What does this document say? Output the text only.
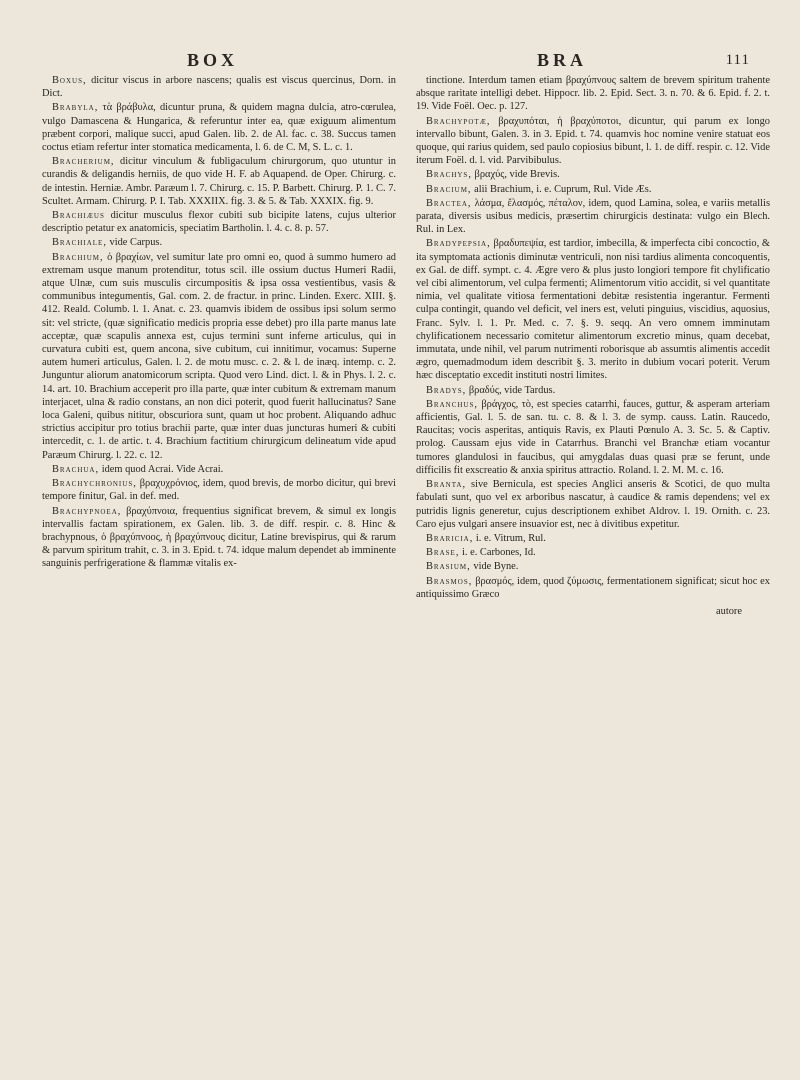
BOX	BRA	111

Boxus, dicitur viscus in arbore nascens; qualis est viscus quercinus, Dorn. in Dict.

Brabyla, τὰ βράβυλα, dicuntur pruna, & quidem magna dulcia, atro-cœrulea, vulgo Damascena & Hungarica, & referuntur inter ea, quæ exiguum alimentum præbent corpori, malique succi, apud Galen. lib. 2. de Al. fac. c. 38. Succus tamen coctus etiam refertur inter stomatica medicamenta, l. 6. de C. M, S. L. c. 1.

Bracherium, dicitur vinculum & fubligaculum chirurgorum, quo utuntur in curandis & deligandis herniis, de quo vide H. F. ab Aquapend. de Oper. Chirurg. c. de intestin. Herniæ. Ambr. Paræum l. 7. Chirurg. c. 15. P. Barbett. Chirurg. P. 1. C. 7. Scultet. Armam. Chirurg. P. I. Tab. XXXIIX. fig. 3. & 5. & Tab. XXXIX. fig. 9.

Brachiæus dicitur musculus flexor cubiti sub bicipite latens, cujus ulterior descriptio petatur ex anatomicis, speciatim Bartholin. l. 4. c. 8. p. 57.

Brachiale, vide Carpus.

Brachium, ὁ βραχίων, vel sumitur late pro omni eo, quod à summo humero ad extremam usque manum protenditur, totus scil. ille ossium ductus Humeri Radii, atque Ulnæ, cum suis musculis circumpositis & ipsa ossa vestientibus, vasis & communibus integumentis, Gal. com. 2. de fractur. in princ. Linden. Exerc. XIII. §. 412. Reald. Columb. l. 1. Anat. c. 23. quamvis ibidem de ossibus ipsi solum sermo sit: vel stricte, (quæ significatio medicis propria esse debet) pro illa parte manus late acceptæ, quæ scapulis annexa est, cujus termini sunt inferne articulus, qui in curvatura cubiti est, quem ancona, sive cubitum, cui innitimur, vocamus: Superne autem humeri articulus, Galen. l. 2. de motu musc. c. 2. & l. de inæq. intemp. c. 2. Junguntur aliorum anatomicorum scripta. Quod vero Lind. dict. l. & in Phys. l. 2. c. 14. art. 10. Brachium acceperit pro illa parte, quæ inter cubitum & extremam manum interjacet, ulna & radio constans, an non dici poterit, quod fuerit hallucinatus? Sane loca Galeni, quibus nititur, obscuriora sunt, quam ut hoc probent. Aliquando adhuc strictius accipitur pro totius brachii parte, quæ inter duas juncturas humeri & cubiti intercedit, c. 1. de artic. t. 4. Brachium factitium chirurgicum delineatum vide apud Paræum Chirurg. l. 22. c. 12.

Brachua, idem quod Acrai. Vide Acrai.

Brachychronius, βραχυχρόνιος, idem, quod brevis, de morbo dicitur, qui brevi tempore finitur, Gal. in def. med.

Brachypnoea, βραχύπνοια, frequentius significat brevem, & simul ex longis intervallis factam spirationem, ex Galen. lib. 3. de diff. respir. c. 8. Hinc & brachypnous, ὁ βραχύπνοος, ἡ βραχύπνους dicitur, Latine brevispirus, qui & rarum & parvum spiritum trahit, c. 3. in 3. Epid. t. 74. idque malum dependet ab imminente sanguinis perfrigeratione & flammæ vitalis ex-

tinctione. Interdum tamen etiam βραχύπνους saltem de brevem spiritum trahente absque raritate intelligi debet. Hippocr. lib. 2. Epid. Sect. 3. n. 70. & 6. Epid. f. 2. t. 19. Vide Foël. Oec. p. 127.

Brachypotæ, βραχυπόται, ἡ βραχύποτοι, dicuntur, qui parum ex longo intervallo bibunt, Galen. 3. in 3. Epid. t. 74. quamvis hoc nomine venire statuat eos quoque, qui rarius quidem, sed paulo copiosius bibunt, l. 1. de diff. respir. c. 12. Vide iterum Foël. d. l. vid. Parvibibulus.

Brachys, βραχύς, vide Brevis.

Bracium, alii Brachium, i. e. Cuprum, Rul. Vide Æs.

Bractea, λάσμα, ἔλασμός, πέταλον, idem, quod Lamina, solea, e variis metallis parata, diversis usibus medicis, præsertim chirurgicis destinata: vulgo ein Blech. Rul. in Lex.

Bradypepsia, βραδυπεψία, est tardior, imbecilla, & imperfecta cibi concoctio, & ita symptomata actionis diminutæ ventriculi, non nisi tardius alimenta concoquentis, ex Gal. de diff. sympt. c. 4. Ægre vero & plus justo longiori tempore fit chylificatio vel cibi alimentorum, vel culpa fermenti; Alimentorum vitio accidit, si vel quantitate nimia, vel qualitate vitiosa fermentationi debitæ resistentia ingerantur. Fermenti culpa contingit, quando vel deficit, vel iners est, veluti pinguius, viscidius, aquosius, Franc. Sylv. l. 1. Pr. Med. c. 7. §. 9. seqq. An vero omnem imminutam chylificationem necessario comitetur alimentorum excretio minus, quam decebat, immutata, unde nihil, vel parum nutrimenti roborisque ab assumtis alimentis accedit ægro, quemadmodum idem describit §. 3. merito in dubium vocari poterit. Verum hæc disceptatio excedit instituti nostri limites.

Bradys, βραδύς, vide Tardus.

Branchus, βράγχος, τὸ, est species catarrhi, fauces, guttur, & asperam arteriam afficientis, Gal. l. 5. de san. tu. c. 8. & l. 3. de symp. causs. Latin. Raucedo, Raucitas; vocis asperitas, antiquis Ravis, ex Plauti Pœnulo A. 3. Sc. 5. & Captiv. prolog. Caussam ejus vide in Catarrhus. Branchi vel Branchæ etiam vocantur tumores glandulosi in faucibus, qui amygdalas duas quasi præ se ferunt, unde difficilis fit exscreatio & anxia spiritus attractio. Roland. l. 2. M. M. c. 16.

Branta, sive Bernicula, est species Anglici anseris & Scotici, de quo multa fabulati sunt, quo vel ex arboribus nascatur, à caudice & ramis dependens; vel ex putridis lignis generetur, cujus descriptionem exhibet Aldrov. l. 19. Ornith. c. 23. Caro ejus vulgari ansere insuavior est, nec à divitibus expetitur.

Braricia, i. e. Vitrum, Rul.

Brase, i. e. Carbones, Id.

Brasium, vide Byne.

Brasmos, βρασμός, idem, quod ζύμωσις, fermentationem significat; sicut hoc ex antiquissimo Græco

autore
